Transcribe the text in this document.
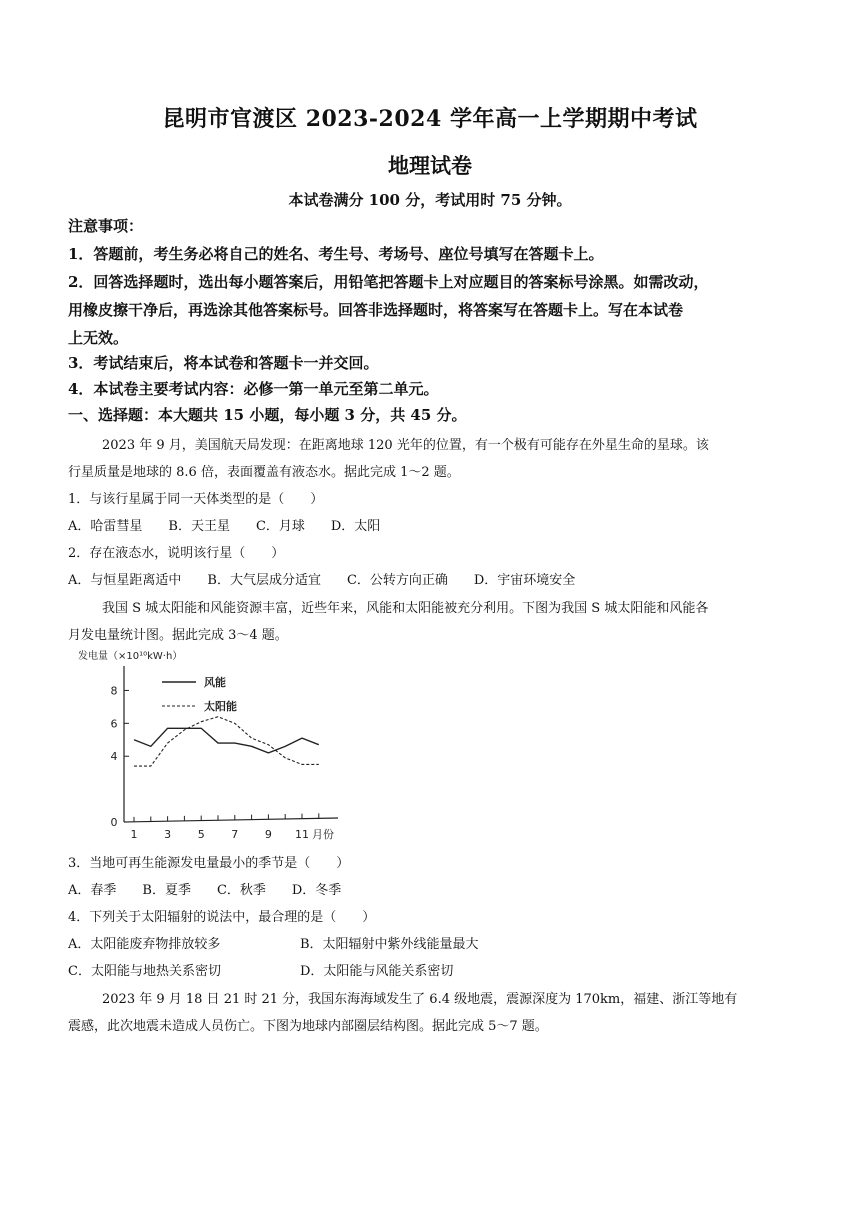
昆明市官渡区 2023-2024 学年高一上学期期中考试
地理试卷
本试卷满分 100 分，考试用时 75 分钟。
注意事项：
1．答题前，考生务必将自己的姓名、考生号、考场号、座位号填写在答题卡上。
2．回答选择题时，选出每小题答案后，用铅笔把答题卡上对应题目的答案标号涂黑。如需改动，
用橡皮擦干净后，再选涂其他答案标号。回答非选择题时，将答案写在答题卡上。写在本试卷
上无效。
3．考试结束后，将本试卷和答题卡一并交回。
4．本试卷主要考试内容：必修一第一单元至第二单元。
一、选择题：本大题共 15 小题，每小题 3 分，共 45 分。
2023 年 9 月，美国航天局发现：在距离地球 120 光年的位置，有一个极有可能存在外星生命的星球。该
行星质量是地球的 8.6 倍，表面覆盖有液态水。据此完成 1～2 题。
1．与该行星属于同一天体类型的是（　　）
A．哈雷彗星　　B．天王星　　C．月球　　D．太阳
2．存在液态水，说明该行星（　　）
A．与恒星距离适中　　B．大气层成分适宜　　C．公转方向正确　　D．宇宙环境安全
我国 S 城太阳能和风能资源丰富，近些年来，风能和太阳能被充分利用。下图为我国 S 城太阳能和风能各
月发电量统计图。据此完成 3～4 题。
发电量（×10¹⁰kW·h）
风能
太阳能
0
4
6
8
1 3 5 7 9 11 月份
3．当地可再生能源发电量最小的季节是（　　）
A．春季　　B．夏季　　C．秋季　　D．冬季
4．下列关于太阳辐射的说法中，最合理的是（　　）
A．太阳能废弃物排放较多	B．太阳辐射中紫外线能量最大
C．太阳能与地热关系密切	D．太阳能与风能关系密切
2023 年 9 月 18 日 21 时 21 分，我国东海海域发生了 6.4 级地震，震源深度为 170km，福建、浙江等地有
震感，此次地震未造成人员伤亡。下图为地球内部圈层结构图。据此完成 5～7 题。
